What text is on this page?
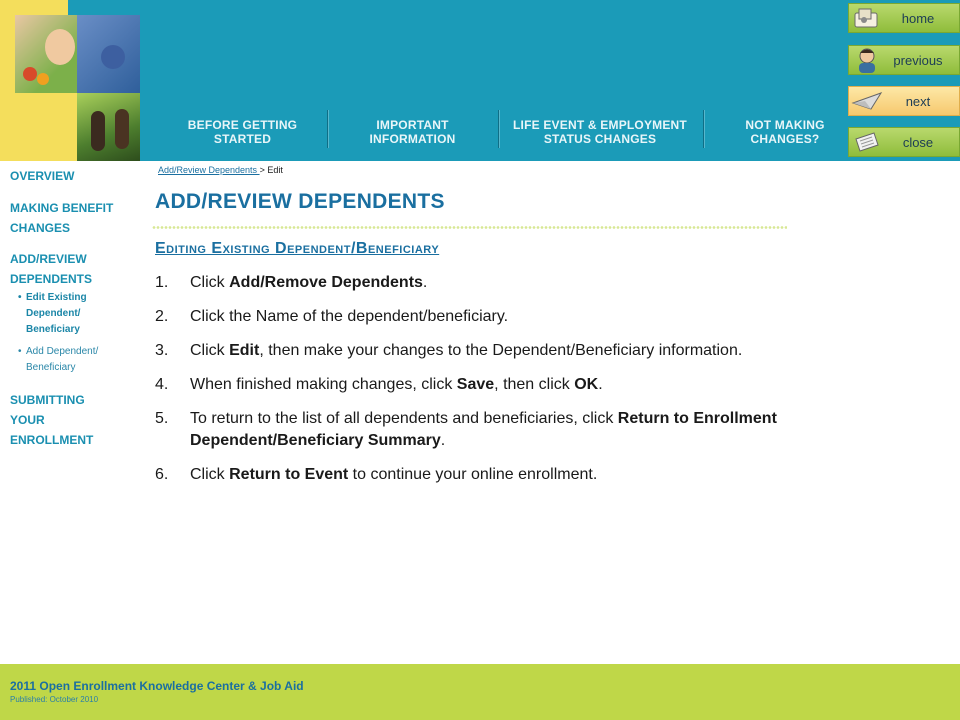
BEFORE GETTING STARTED
IMPORTANT INFORMATION
LIFE EVENT & EMPLOYMENT STATUS CHANGES
NOT MAKING CHANGES?
home
previous
next
close
OVERVIEW
MAKING BENEFIT CHANGES
ADD/REVIEW DEPENDENTS
• Edit Existing Dependent/ Beneficiary
• Add Dependent/ Beneficiary
SUBMITTING YOUR ENROLLMENT
Add/Review Dependents > Edit
ADD/REVIEW DEPENDENTS
Editing Existing Dependent/Beneficiary
1. Click Add/Remove Dependents.
2. Click the Name of the dependent/beneficiary.
3. Click Edit, then make your changes to the Dependent/Beneficiary information.
4. When finished making changes, click Save, then click OK.
5. To return to the list of all dependents and beneficiaries, click Return to Enrollment Dependent/Beneficiary Summary.
6. Click Return to Event to continue your online enrollment.
2011 Open Enrollment Knowledge Center & Job Aid
Published: October 2010
